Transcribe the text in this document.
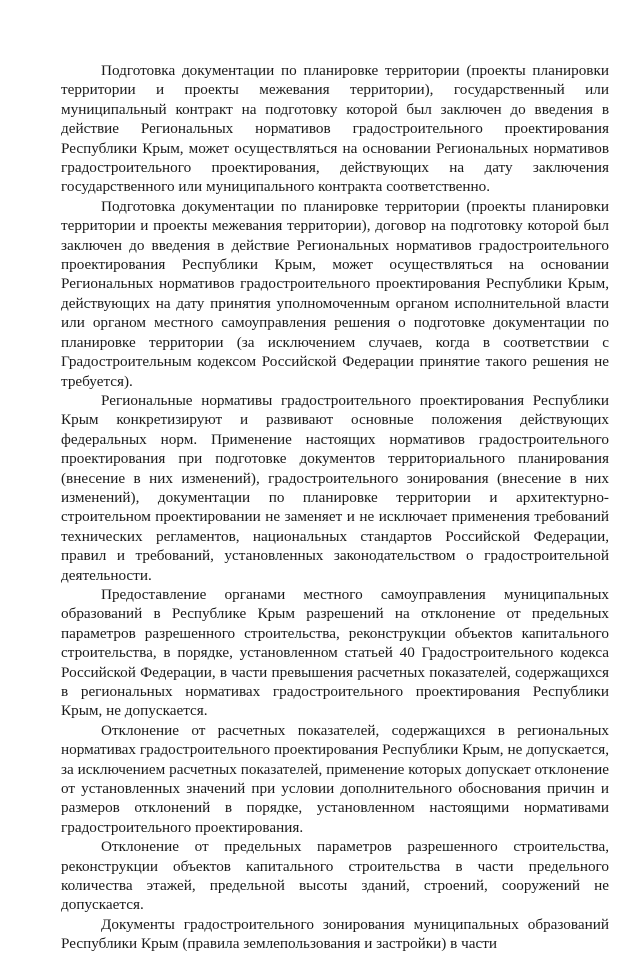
Подготовка документации по планировке территории (проекты планировки территории и проекты межевания территории), государственный или муниципальный контракт на подготовку которой был заключен до введения в действие Региональных нормативов градостроительного проектирования Республики Крым, может осуществляться на основании Региональных нормативов градостроительного проектирования, действующих на дату заключения государственного или муниципального контракта соответственно.

Подготовка документации по планировке территории (проекты планировки территории и проекты межевания территории), договор на подготовку которой был заключен до введения в действие Региональных нормативов градостроительного проектирования Республики Крым, может осуществляться на основании Региональных нормативов градостроительного проектирования Республики Крым, действующих на дату принятия уполномоченным органом исполнительной власти или органом местного самоуправления решения о подготовке документации по планировке территории (за исключением случаев, когда в соответствии с Градостроительным кодексом Российской Федерации принятие такого решения не требуется).

Региональные нормативы градостроительного проектирования Республики Крым конкретизируют и развивают основные положения действующих федеральных норм. Применение настоящих нормативов градостроительного проектирования при подготовке документов территориального планирования (внесение в них изменений), градостроительного зонирования (внесение в них изменений), документации по планировке территории и архитектурно-строительном проектировании не заменяет и не исключает применения требований технических регламентов, национальных стандартов Российской Федерации, правил и требований, установленных законодательством о градостроительной деятельности.

Предоставление органами местного самоуправления муниципальных образований в Республике Крым разрешений на отклонение от предельных параметров разрешенного строительства, реконструкции объектов капитального строительства, в порядке, установленном статьей 40 Градостроительного кодекса Российской Федерации, в части превышения расчетных показателей, содержащихся в региональных нормативах градостроительного проектирования Республики Крым, не допускается.

Отклонение от расчетных показателей, содержащихся в региональных нормативах градостроительного проектирования Республики Крым, не допускается, за исключением расчетных показателей, применение которых допускает отклонение от установленных значений при условии дополнительного обоснования причин и размеров отклонений в порядке, установленном настоящими нормативами градостроительного проектирования.

Отклонение от предельных параметров разрешенного строительства, реконструкции объектов капитального строительства в части предельного количества этажей, предельной высоты зданий, строений, сооружений не допускается.

Документы градостроительного зонирования муниципальных образований Республики Крым (правила землепользования и застройки) в части
